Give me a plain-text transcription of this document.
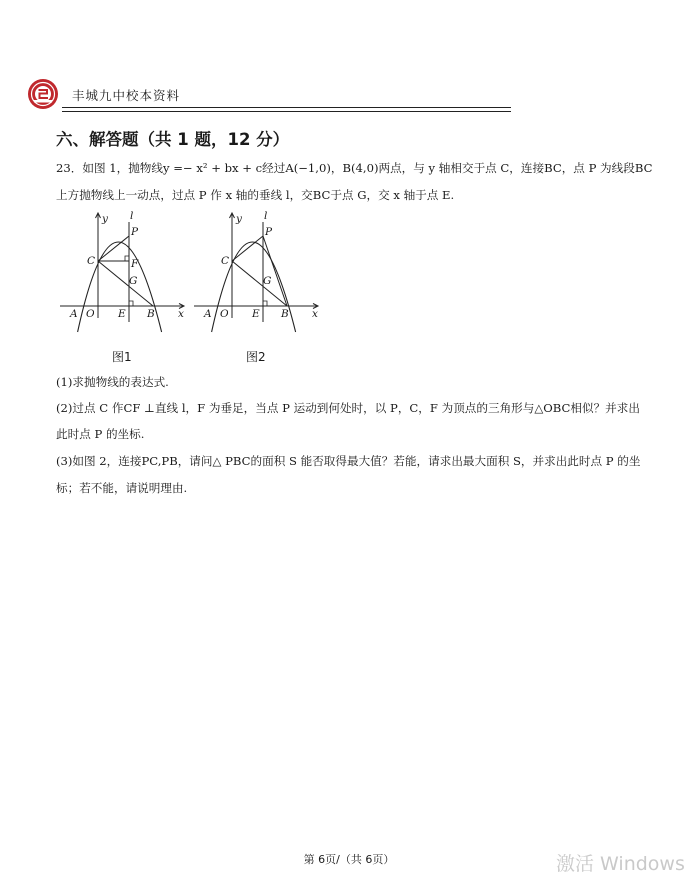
丰城九中校本资料
六、解答题（共 1 题，12 分）
23．如图 1，抛物线y =− x² + bx + c经过A(−1,0)，B(4,0)两点，与 y 轴相交于点 C，连接BC，点 P 为线段BC
上方抛物线上一动点，过点 P 作 x 轴的垂线 l，交BC于点 G，交 x 轴于点 E.
y l
P
C	F
G
A O E B x
图1
y l
P
C
G
A O E B x
图2
(1)求抛物线的表达式.
(2)过点 C 作CF ⊥直线 l，F 为垂足，当点 P 运动到何处时，以 P，C，F 为顶点的三角形与△OBC相似？并求出
此时点 P 的坐标.
(3)如图 2，连接PC,PB，请问△ PBC的面积 S 能否取得最大值？若能，请求出最大面积 S，并求出此时点 P 的坐
标；若不能，请说明理由.
第 6页/（共 6页）	激活 Windows
